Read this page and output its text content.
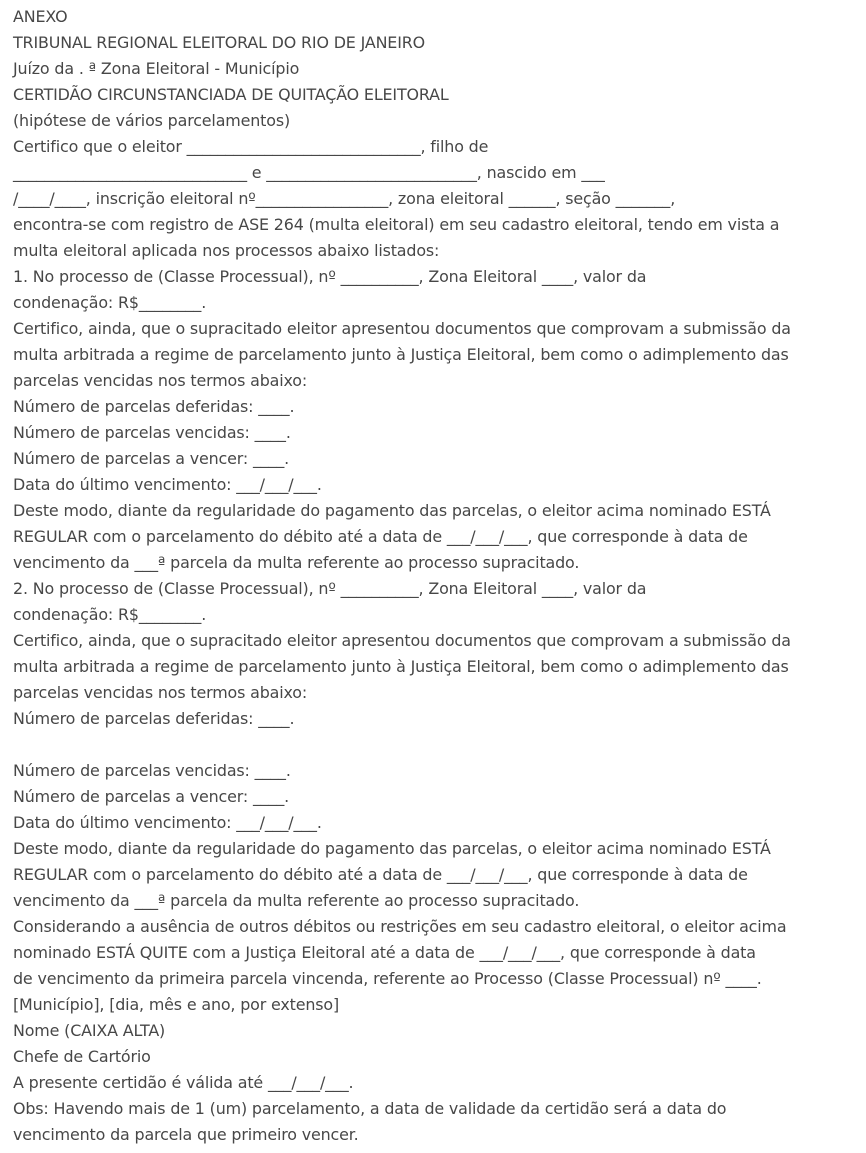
ANEXO
TRIBUNAL REGIONAL ELEITORAL DO RIO DE JANEIRO
Juízo da . ª Zona Eleitoral - Município
CERTIDÃO CIRCUNSTANCIADA DE QUITAÇÃO ELEITORAL
(hipótese de vários parcelamentos)
Certifico que o eleitor ______________________________, filho de
______________________________ e ___________________________, nascido em ___
/____/____, inscrição eleitoral nº_________________, zona eleitoral ______, seção _______,
encontra-se com registro de ASE 264 (multa eleitoral) em seu cadastro eleitoral, tendo em vista a
multa eleitoral aplicada nos processos abaixo listados:
1. No processo de (Classe Processual), nº __________, Zona Eleitoral ____, valor da
condenação: R$________.
Certifico, ainda, que o supracitado eleitor apresentou documentos que comprovam a submissão da
multa arbitrada a regime de parcelamento junto à Justiça Eleitoral, bem como o adimplemento das
parcelas vencidas nos termos abaixo:
Número de parcelas deferidas: ____.
Número de parcelas vencidas: ____.
Número de parcelas a vencer: ____.
Data do último vencimento: ___/___/___.
Deste modo, diante da regularidade do pagamento das parcelas, o eleitor acima nominado ESTÁ
REGULAR com o parcelamento do débito até a data de ___/___/___, que corresponde à data de
vencimento da ___ª parcela da multa referente ao processo supracitado.
2. No processo de (Classe Processual), nº __________, Zona Eleitoral ____, valor da
condenação: R$________.
Certifico, ainda, que o supracitado eleitor apresentou documentos que comprovam a submissão da
multa arbitrada a regime de parcelamento junto à Justiça Eleitoral, bem como o adimplemento das
parcelas vencidas nos termos abaixo:
Número de parcelas deferidas: ____.
Número de parcelas vencidas: ____.
Número de parcelas a vencer: ____.
Data do último vencimento: ___/___/___.
Deste modo, diante da regularidade do pagamento das parcelas, o eleitor acima nominado ESTÁ
REGULAR com o parcelamento do débito até a data de ___/___/___, que corresponde à data de
vencimento da ___ª parcela da multa referente ao processo supracitado.
Considerando a ausência de outros débitos ou restrições em seu cadastro eleitoral, o eleitor acima
nominado ESTÁ QUITE com a Justiça Eleitoral até a data de ___/___/___, que corresponde à data
de vencimento da primeira parcela vincenda, referente ao Processo (Classe Processual) nº ____.
[Município], [dia, mês e ano, por extenso]
Nome (CAIXA ALTA)
Chefe de Cartório
A presente certidão é válida até ___/___/___.
Obs: Havendo mais de 1 (um) parcelamento, a data de validade da certidão será a data do
vencimento da parcela que primeiro vencer.
